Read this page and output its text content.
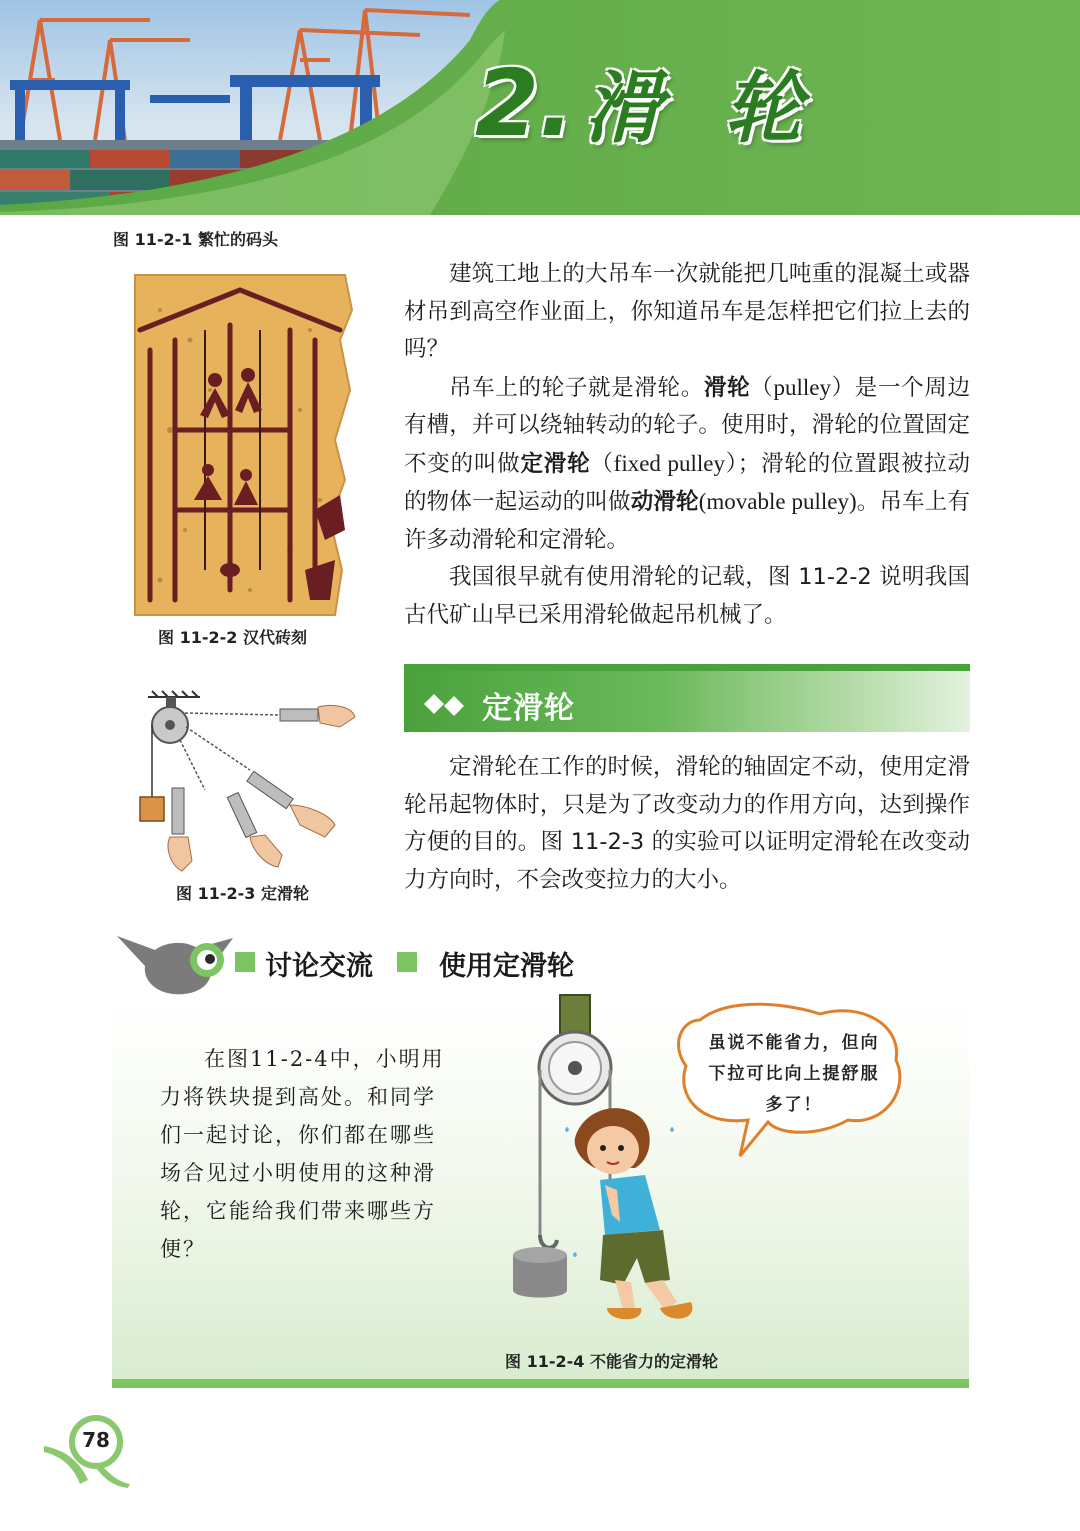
2. 滑轮
图 11-2-1 繁忙的码头
图 11-2-2 汉代砖刻
图 11-2-3 定滑轮

建筑工地上的大吊车一次就能把几吨重的混凝土或器材吊到高空作业面上，你知道吊车是怎样把它们拉上去的吗？

吊车上的轮子就是滑轮。滑轮（pulley）是一个周边有槽，并可以绕轴转动的轮子。使用时，滑轮的位置固定不变的叫做定滑轮（fixed pulley）；滑轮的位置跟被拉动的物体一起运动的叫做动滑轮(movable pulley)。吊车上有许多动滑轮和定滑轮。

我国很早就有使用滑轮的记载，图 11-2-2 说明我国古代矿山早已采用滑轮做起吊机械了。

定滑轮

定滑轮在工作的时候，滑轮的轴固定不动，使用定滑轮吊起物体时，只是为了改变动力的作用方向，达到操作方便的目的。图 11-2-3 的实验可以证明定滑轮在改变动力方向时，不会改变拉力的大小。

讨论交流 使用定滑轮

在图11-2-4中，小明用力将铁块提到高处。和同学们一起讨论，你们都在哪些场合见过小明使用的这种滑轮，它能给我们带来哪些方便？

虽说不能省力，但向下拉可比向上提舒服多了！
图 11-2-4 不能省力的定滑轮
78
